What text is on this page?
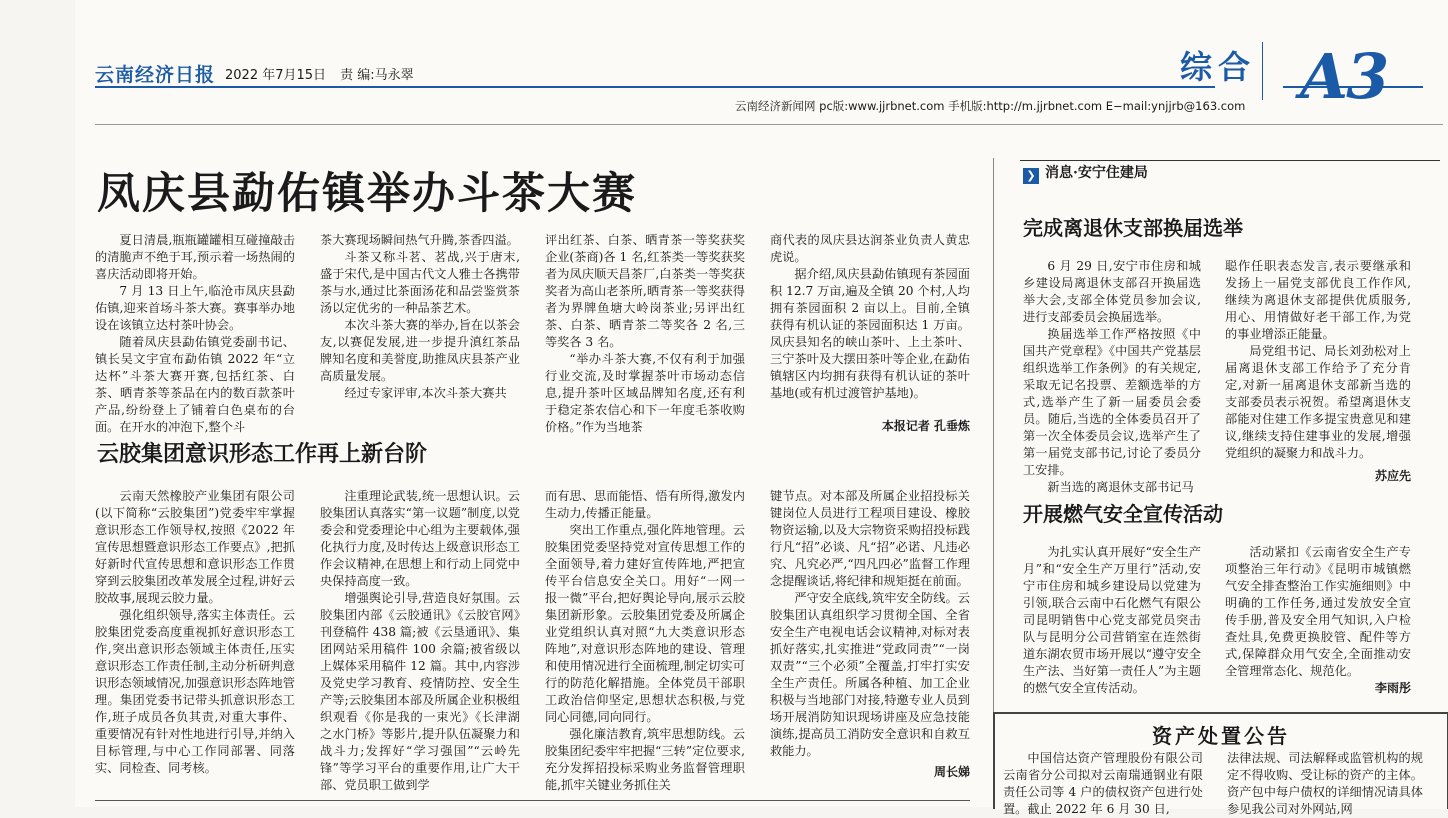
云南经济日报 2022 年7月15日 责 编:马永翠	综合 A3
云南经济新闻网 pc版:www.jjrbnet.com 手机版:http://m.jjrbnet.com E−mail:ynjjrb@163.com
凤庆县勐佑镇举办斗茶大赛

夏日清晨,瓶瓶罐罐相互碰撞敲击的清脆声不绝于耳,预示着一场热闹的喜庆活动即将开始。

7 月 13 日上午,临沧市凤庆县勐佑镇,迎来首场斗茶大赛。赛事举办地设在该镇立达村茶叶协会。

随着凤庆县勐佑镇党委副书记、镇长吴文宇宣布勐佑镇 2022 年“立达杯”斗茶大赛开赛,包括红茶、白茶、晒青茶等茶品在内的数百款茶叶产品,纷纷登上了铺着白色桌布的台面。在开水的冲泡下,整个斗

茶大赛现场瞬间热气升腾,茶香四溢。

斗茶又称斗茗、茗战,兴于唐末,盛于宋代,是中国古代文人雅士各携带茶与水,通过比茶面汤花和品尝鉴赏茶汤以定优劣的一种品茶艺术。

本次斗茶大赛的举办,旨在以茶会友,以赛促发展,进一步提升滇红茶品牌知名度和美誉度,助推凤庆县茶产业高质量发展。

经过专家评审,本次斗茶大赛共

评出红茶、白茶、晒青茶一等奖获奖企业(茶商)各 1 名,红茶类一等奖获奖者为凤庆顺天昌茶厂,白茶类一等奖获奖者为高山老茶所,晒青茶一等奖获得者为界牌鱼塘大岭岗茶业;另评出红茶、白茶、晒青茶二等奖各 2 名,三等奖各 3 名。

“举办斗茶大赛,不仅有利于加强行业交流,及时掌握茶叶市场动态信息,提升茶叶区域品牌知名度,还有利于稳定茶农信心和下一年度毛茶收购价格。”作为当地茶

商代表的凤庆县达润茶业负责人黄忠虎说。

据介绍,凤庆县勐佑镇现有茶园面积 12.7 万亩,遍及全镇 20 个村,人均拥有茶园面积 2 亩以上。目前,全镇获得有机认证的茶园面积达 1 万亩。凤庆县知名的峡山茶叶、上土茶叶、三宁茶叶及大摆田茶叶等企业,在勐佑镇辖区内均拥有获得有机认证的茶叶基地(或有机过渡管护基地)。

本报记者 孔垂炼
云胶集团意识形态工作再上新台阶

云南天然橡胶产业集团有限公司(以下简称“云胶集团”)党委牢牢掌握意识形态工作领导权,按照《2022 年宣传思想暨意识形态工作要点》,把抓好新时代宣传思想和意识形态工作贯穿到云胶集团改革发展全过程,讲好云胶故事,展现云胶力量。

强化组织领导,落实主体责任。云胶集团党委高度重视抓好意识形态工作,突出意识形态领域主体责任,压实意识形态工作责任制,主动分析研判意识形态领域情况,加强意识形态阵地管理。集团党委书记带头抓意识形态工作,班子成员各负其责,对重大事件、重要情况有针对性地进行引导,并纳入目标管理,与中心工作同部署、同落实、同检查、同考核。

注重理论武装,统一思想认识。云胶集团认真落实“第一议题”制度,以党委会和党委理论中心组为主要载体,强化执行力度,及时传达上级意识形态工作会议精神,在思想上和行动上同党中央保持高度一致。

增强舆论引导,营造良好氛围。云胶集团内部《云胶通讯》《云胶官网》刊登稿件 438 篇;被《云垦通讯》、集团网站采用稿件 100 余篇;被省级以上媒体采用稿件 12 篇。其中,内容涉及党史学习教育、疫情防控、安全生产等;云胶集团本部及所属企业积极组织观看《你是我的一束光》《长津湖之水门桥》等影片,提升队伍凝聚力和战斗力;发挥好“学习强国”“云岭先锋”等学习平台的重要作用,让广大干部、党员职工做到学

而有思、思而能悟、悟有所得,激发内生动力,传播正能量。

突出工作重点,强化阵地管理。云胶集团党委坚持党对宣传思想工作的全面领导,着力建好宣传阵地,严把宣传平台信息安全关口。用好“一网一报一微”平台,把好舆论导向,展示云胶集团新形象。云胶集团党委及所属企业党组织认真对照“九大类意识形态阵地”,对意识形态阵地的建设、管理和使用情况进行全面梳理,制定切实可行的防范化解措施。全体党员干部职工政治信仰坚定,思想状态积极,与党同心同德,同向同行。

强化廉洁教育,筑牢思想防线。云胶集团纪委牢牢把握“三转”定位要求,充分发挥招投标采购业务监督管理职能,抓牢关键业务抓住关

键节点。对本部及所属企业招投标关键岗位人员进行工程项目建设、橡胶物资运输,以及大宗物资采购招投标践行凡“招”必谈、凡“招”必诺、凡违必究、凡究必严,“四凡四必”监督工作理念提醒谈话,将纪律和规矩挺在前面。

严守安全底线,筑牢安全防线。云胶集团认真组织学习贯彻全国、全省安全生产电视电话会议精神,对标对表抓好落实,扎实推进“党政同责”“一岗双责”“三个必须”全覆盖,打牢打实安全生产责任。所属各种植、加工企业积极与当地部门对接,特邀专业人员到场开展消防知识现场讲座及应急技能演练,提高员工消防安全意识和自救互救能力。

周长娣
❯ 消息·安宁住建局
完成离退休支部换届选举

6 月 29 日,安宁市住房和城乡建设局离退休支部召开换届选举大会,支部全体党员参加会议,进行支部委员会换届选举。

换届选举工作严格按照《中国共产党章程》《中国共产党基层组织选举工作条例》的有关规定,采取无记名投票、差额选举的方式,选举产生了新一届委员会委员。随后,当选的全体委员召开了第一次全体委员会议,选举产生了第一届党支部书记,讨论了委员分工安排。

新当选的离退休支部书记马

聪作任职表态发言,表示要继承和发扬上一届党支部优良工作作风,继续为离退休支部提供优质服务,用心、用情做好老干部工作,为党的事业增添正能量。

局党组书记、局长刘劲松对上届离退休支部工作给予了充分肯定,对新一届离退休支部新当选的支部委员表示祝贺。希望离退休支部能对住建工作多提宝贵意见和建议,继续支持住建事业的发展,增强党组织的凝聚力和战斗力。

苏应先
开展燃气安全宣传活动

为扎实认真开展好“安全生产月”和“安全生产万里行”活动,安宁市住房和城乡建设局以党建为引领,联合云南中石化燃气有限公司昆明销售中心党支部党员突击队与昆明分公司营销室在连然街道东湖农贸市场开展以“遵守安全生产法、当好第一责任人”为主题的燃气安全宣传活动。

活动紧扣《云南省安全生产专项整治三年行动》《昆明市城镇燃气安全排查整治工作实施细则》中明确的工作任务,通过发放安全宣传手册,普及安全用气知识,入户检查灶具,免费更换胶管、配件等方式,保障群众用气安全,全面推动安全管理常态化、规范化。

李雨彤
资产处置公告

中国信达资产管理股份有限公司云南省分公司拟对云南瑞通钢业有限责任公司等 4 户的债权资产包进行处置。截止 2022 年 6 月 30 日,

法律法规、司法解释或监管机构的规定不得收购、受让标的资产的主体。资产包中每户债权的详细情况请具体参见我公司对外网站,网
